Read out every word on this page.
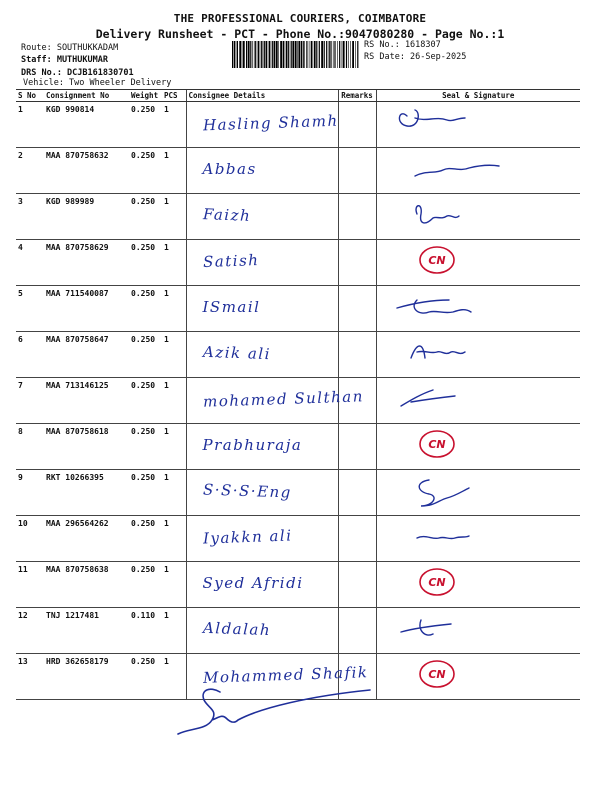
THE PROFESSIONAL COURIERS, COIMBATORE
Delivery Runsheet - PCT - Phone No.:9047080280 - Page No.:1
Route: SOUTHUKKADAM
Staff: MUTHUKUMAR
DRS No.: DCJB161830701
Vehicle: Two Wheeler Delivery
RS No.: 1618307
RS Date: 26-Sep-2025
S No	Consignment No	Weight	PCS	Consignee Details	Remarks	Seal & Signature
1	KGD 990814	0.250	1	Hasling Shamh

2	MAA 870758632	0.250	1	Abbas

3	KGD 989989	0.250	1	Faizh

4	MAA 870758629	0.250	1	Satish		CN

5	MAA 711540087	0.250	1	ISmail

6	MAA 870758647	0.250	1	Azik ali

7	MAA 713146125	0.250	1	mohamed Sulthan

8	MAA 870758618	0.250	1	Prabhuraja		CN

9	RKT 10266395	0.250	1	S·S·S·Eng

10	MAA 296564262	0.250	1	Iyakkn ali

11	MAA 870758638	0.250	1	Syed Afridi		CN

12	TNJ 1217481	0.110	1	Aldalah

13	HRD 362658179	0.250	1	Mohammed Shafik		CN
